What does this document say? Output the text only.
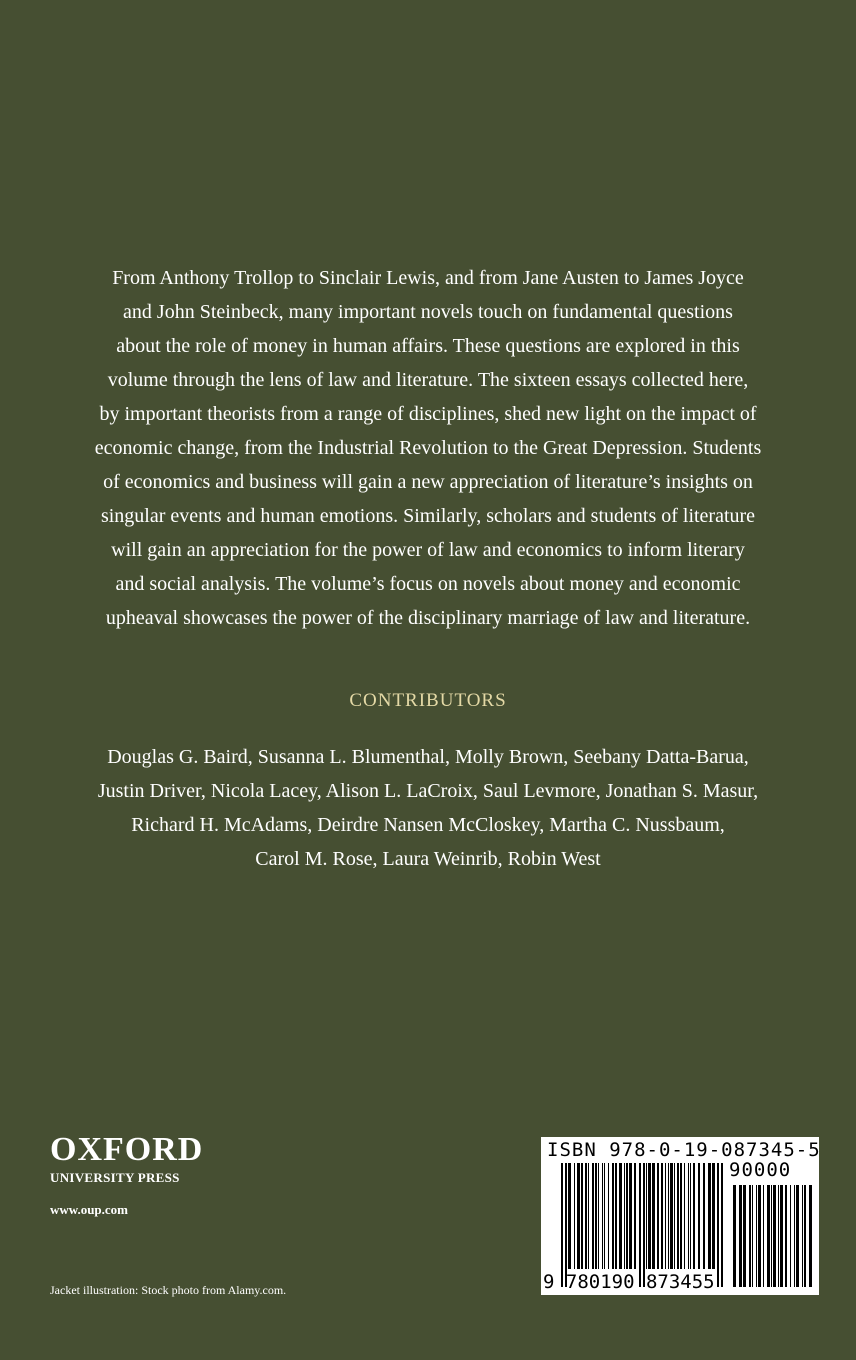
From Anthony Trollop to Sinclair Lewis, and from Jane Austen to James Joyce
and John Steinbeck, many important novels touch on fundamental questions
about the role of money in human affairs. These questions are explored in this
volume through the lens of law and literature. The sixteen essays collected here,
by important theorists from a range of disciplines, shed new light on the impact of
economic change, from the Industrial Revolution to the Great Depression. Students
of economics and business will gain a new appreciation of literature’s insights on
singular events and human emotions. Similarly, scholars and students of literature
will gain an appreciation for the power of law and economics to inform literary
and social analysis. The volume’s focus on novels about money and economic
upheaval showcases the power of the disciplinary marriage of law and literature.
CONTRIBUTORS
Douglas G. Baird, Susanna L. Blumenthal, Molly Brown, Seebany Datta-Barua,
Justin Driver, Nicola Lacey, Alison L. LaCroix, Saul Levmore, Jonathan S. Masur,
Richard H. McAdams, Deirdre Nansen McCloskey, Martha C. Nussbaum,
Carol M. Rose, Laura Weinrib, Robin West
OXFORD
UNIVERSITY PRESS
www.oup.com
Jacket illustration: Stock photo from Alamy.com.
ISBN 978-0-19-087345-5
90000
9 780190 873455
